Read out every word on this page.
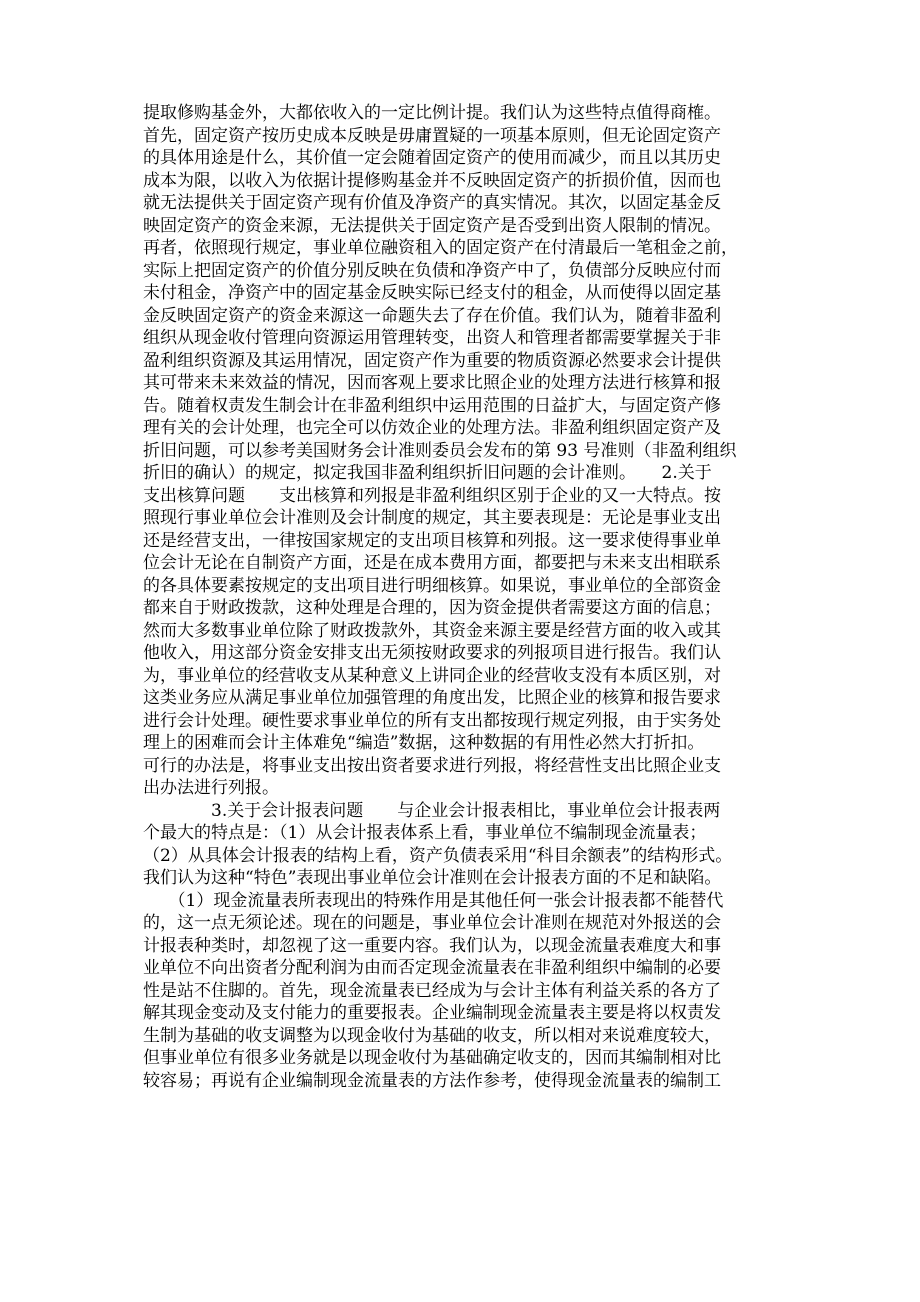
提取修购基金外，大都依收入的一定比例计提。我们认为这些特点值得商榷。
首先，固定资产按历史成本反映是毋庸置疑的一项基本原则，但无论固定资产
的具体用途是什么，其价值一定会随着固定资产的使用而减少，而且以其历史
成本为限，以收入为依据计提修购基金并不反映固定资产的折损价值，因而也
就无法提供关于固定资产现有价值及净资产的真实情况。其次，以固定基金反
映固定资产的资金来源，无法提供关于固定资产是否受到出资人限制的情况。
再者，依照现行规定，事业单位融资租入的固定资产在付清最后一笔租金之前，
实际上把固定资产的价值分别反映在负债和净资产中了，负债部分反映应付而
未付租金，净资产中的固定基金反映实际已经支付的租金，从而使得以固定基
金反映固定资产的资金来源这一命题失去了存在价值。我们认为，随着非盈利
组织从现金收付管理向资源运用管理转变，出资人和管理者都需要掌握关于非
盈利组织资源及其运用情况，固定资产作为重要的物质资源必然要求会计提供
其可带来未来效益的情况，因而客观上要求比照企业的处理方法进行核算和报
告。随着权责发生制会计在非盈利组织中运用范围的日益扩大，与固定资产修
理有关的会计处理，也完全可以仿效企业的处理方法。非盈利组织固定资产及
折旧问题，可以参考美国财务会计准则委员会发布的第 93 号准则（非盈利组织
折旧的确认）的规定，拟定我国非盈利组织折旧问题的会计准则。　　2.关于
支出核算问题　　支出核算和列报是非盈利组织区别于企业的又一大特点。按
照现行事业单位会计准则及会计制度的规定，其主要表现是：无论是事业支出
还是经营支出，一律按国家规定的支出项目核算和列报。这一要求使得事业单
位会计无论在自制资产方面，还是在成本费用方面，都要把与未来支出相联系
的各具体要素按规定的支出项目进行明细核算。如果说，事业单位的全部资金
都来自于财政拨款，这种处理是合理的，因为资金提供者需要这方面的信息；
然而大多数事业单位除了财政拨款外，其资金来源主要是经营方面的收入或其
他收入，用这部分资金安排支出无须按财政要求的列报项目进行报告。我们认
为，事业单位的经营收支从某种意义上讲同企业的经营收支没有本质区别，对
这类业务应从满足事业单位加强管理的角度出发，比照企业的核算和报告要求
进行会计处理。硬性要求事业单位的所有支出都按现行规定列报，由于实务处
理上的困难而会计主体难免“编造”数据，这种数据的有用性必然大打折扣。
可行的办法是，将事业支出按出资者要求进行列报，将经营性支出比照企业支
出办法进行列报。
　　　　3.关于会计报表问题　　与企业会计报表相比，事业单位会计报表两
个最大的特点是：（1）从会计报表体系上看，事业单位不编制现金流量表；
（2）从具体会计报表的结构上看，资产负债表采用“科目余额表”的结构形式。
我们认为这种“特色”表现出事业单位会计准则在会计报表方面的不足和缺陷。
　　（1）现金流量表所表现出的特殊作用是其他任何一张会计报表都不能替代
的，这一点无须论述。现在的问题是，事业单位会计准则在规范对外报送的会
计报表种类时，却忽视了这一重要内容。我们认为，以现金流量表难度大和事
业单位不向出资者分配利润为由而否定现金流量表在非盈利组织中编制的必要
性是站不住脚的。首先，现金流量表已经成为与会计主体有利益关系的各方了
解其现金变动及支付能力的重要报表。企业编制现金流量表主要是将以权责发
生制为基础的收支调整为以现金收付为基础的收支，所以相对来说难度较大，
但事业单位有很多业务就是以现金收付为基础确定收支的，因而其编制相对比
较容易；再说有企业编制现金流量表的方法作参考，使得现金流量表的编制工
